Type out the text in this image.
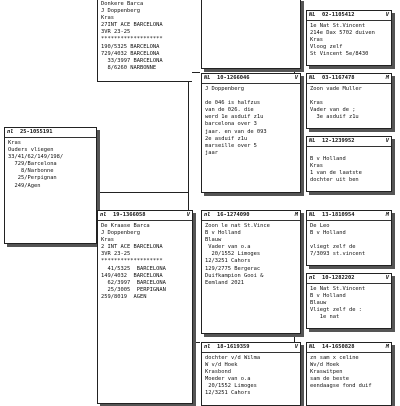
Donkere Barca
J Doppenberg
Kras
27INT ACE BARCELONA
3VR 23-25
*******************
190/5325 BARCELONA
729/4032 BARCELONA
33/3997 BARCELONA
8/6260 NARBONNE
nl 25-1055191
Kras
Ouders vliegen
33/41/62/149/198/
729/Barcelona
8/Narbonne
25/Perpignan
249/Agen
nl 19-1366058	V
De Kraase Barca
J Doppenberg
Kras
2 INT ACE BARCELONA
3VR 23-25
*******************
41/5325  BARCELONA
149/4032  BARCELONA
62/3997  BARCELONA
25/3005  PERPIGNAN
259/8019  AGEN
NL 10-1266046	V
J Doppenberg

de 046 is halfzus
van de 026. die
werd 1e asduif z1u
barcelona over 3
jaar. en van de 093
2e asduif z1u
marseille over 5
jaar
nl 16-1274090	M
Zoon le nat St.Vince
B v Holland
Blauw
Vader van o.a
20/1552 Limoges
12/3251 Cahors
129/2775 Bergerac
Duifkampion Gooi &
Eemland 2021
nl 18-1619359	V
dochter v/d Wilma
W v/d Hoek
Krasbond
Moeder van o.a
20/1552 Limoges
12/3251 Cahors
NL 02-1105412	V
1e Nat St.Vincent
214e Dax 5702 duiven
Kras
Vloog zelf
St Vincent 5e/8430
NL 03-1167478	M
Zoon vade Muller

Kras
Vader van de ;
3e asduif z1u
NL 12-1239952	V

B v Holland
Kras
1 van de laatste
dochter uit ben
NL 13-1810954	M
De Leo
B v Holland

vliegt zelf de
7/3093 st.vincent
nl 10-1282202	V
1e Nat St.Vincent
B v Holland
Blauw
Vliegt zelf de :
1e nat
NL 14-1650828	M
zn sam x celine
Wv/d Hoek
Kraswitpen
sam de beste
eendaagse fond duif
